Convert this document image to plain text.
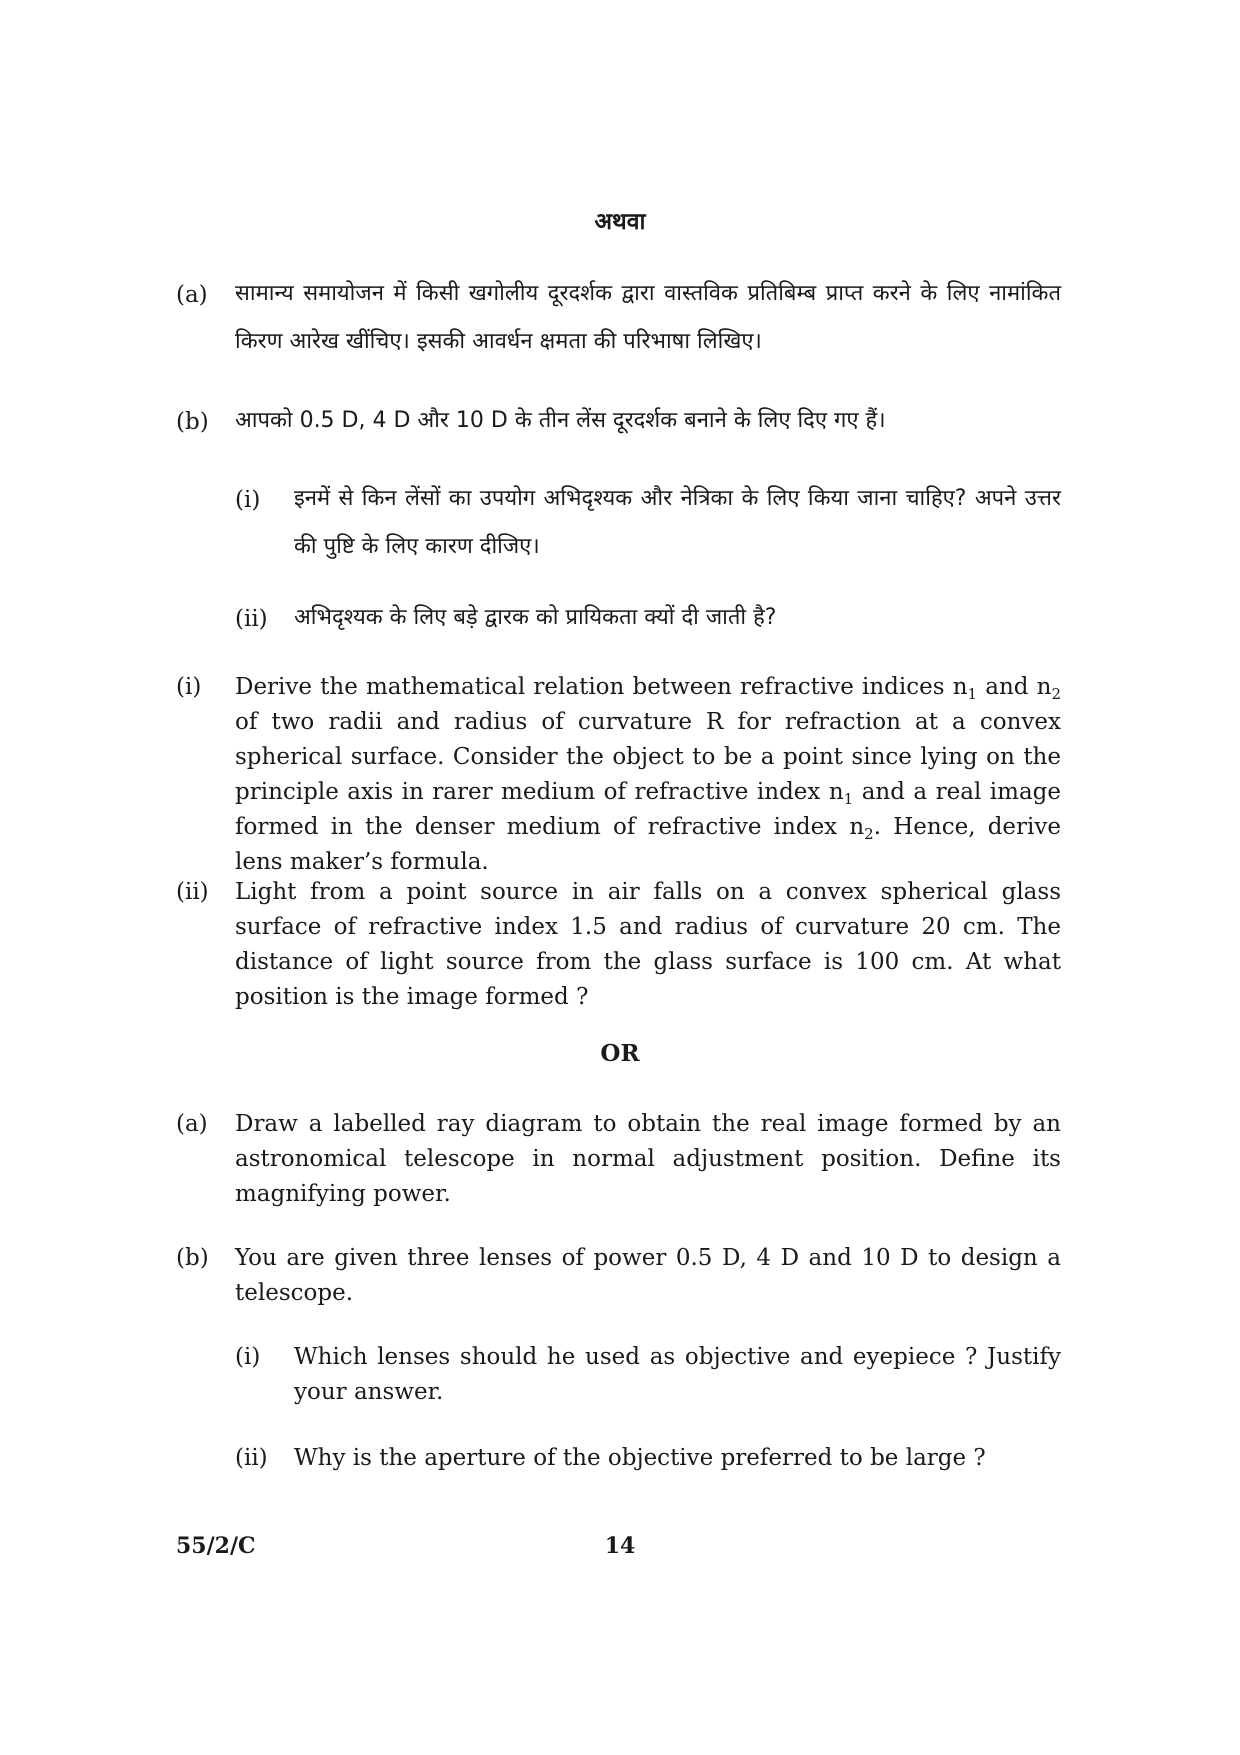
अथवा
(a) सामान्य समायोजन में किसी खगोलीय दूरदर्शक द्वारा वास्तविक प्रतिबिम्ब प्राप्त करने के लिए नामांकित किरण आरेख खींचिए। इसकी आवर्धन क्षमता की परिभाषा लिखिए।
(b) आपको 0.5 D, 4 D और 10 D के तीन लेंस दूरदर्शक बनाने के लिए दिए गए हैं।
(i) इनमें से किन लेंसों का उपयोग अभिदृश्यक और नेत्रिका के लिए किया जाना चाहिए? अपने उत्तर की पुष्टि के लिए कारण दीजिए।
(ii) अभिदृश्यक के लिए बड़े द्वारक को प्रायिकता क्यों दी जाती है?
(i) Derive the mathematical relation between refractive indices $n_1$ and $n_2$ of two radii and radius of curvature R for refraction at a convex spherical surface. Consider the object to be a point since lying on the principle axis in rarer medium of refractive index $n_1$ and a real image formed in the denser medium of refractive index $n_2$. Hence, derive lens maker’s formula.
(ii) Light from a point source in air falls on a convex spherical glass surface of refractive index 1.5 and radius of curvature 20 cm. The distance of light source from the glass surface is 100 cm. At what position is the image formed ?
OR
(a) Draw a labelled ray diagram to obtain the real image formed by an astronomical telescope in normal adjustment position. Define its magnifying power.
(b) You are given three lenses of power 0.5 D, 4 D and 10 D to design a telescope.
(i) Which lenses should he used as objective and eyepiece ? Justify your answer.
(ii) Why is the aperture of the objective preferred to be large ?
55/2/C	14
